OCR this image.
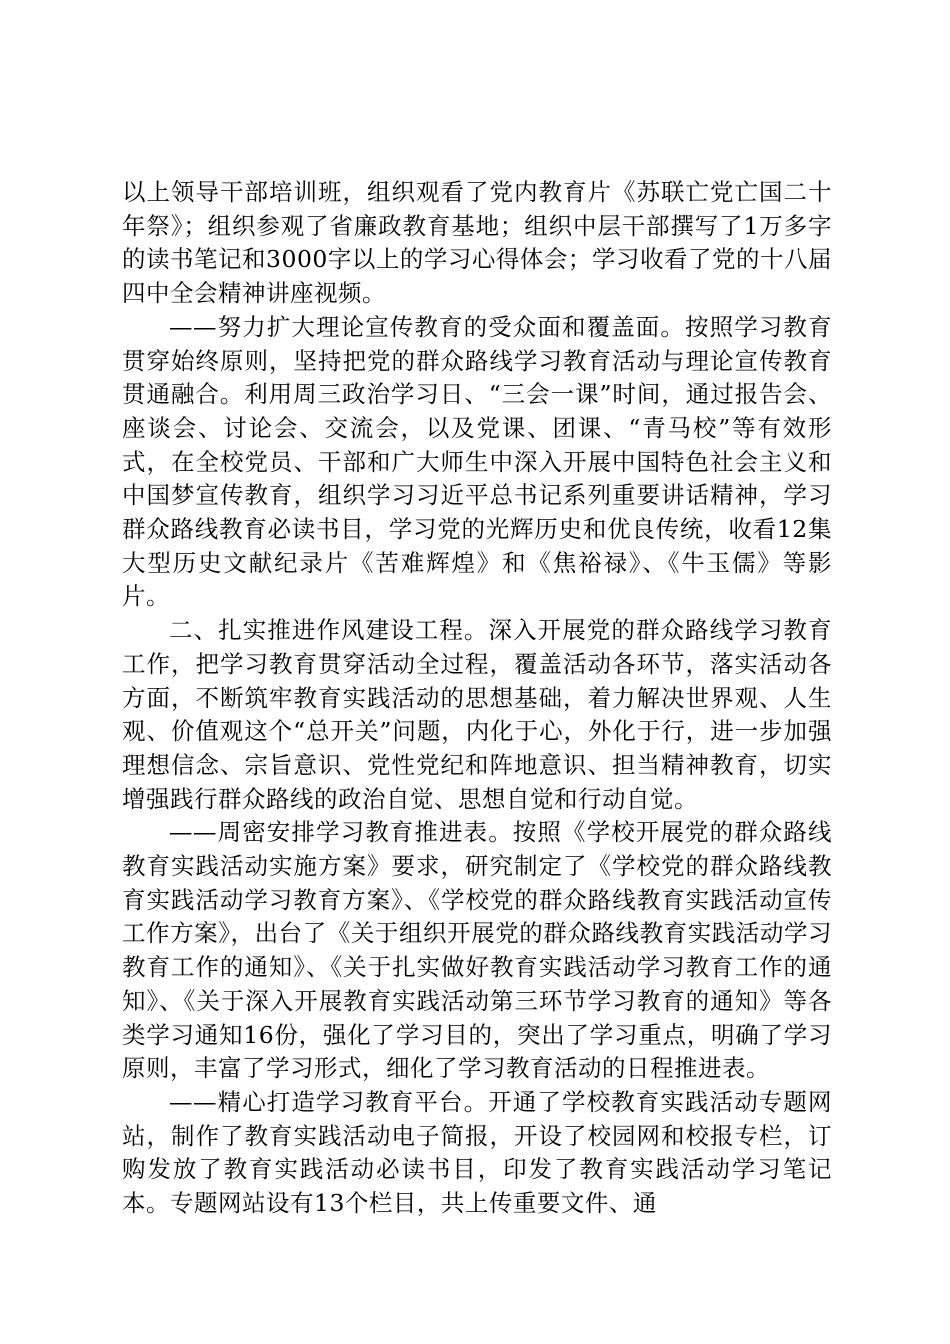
以上领导干部培训班，组织观看了党内教育片《苏联亡党亡国二十年祭》；组织参观了省廉政教育基地；组织中层干部撰写了1万多字的读书笔记和3000字以上的学习心得体会；学习收看了党的十八届四中全会精神讲座视频。

——努力扩大理论宣传教育的受众面和覆盖面。按照学习教育贯穿始终原则，坚持把党的群众路线学习教育活动与理论宣传教育贯通融合。利用周三政治学习日、“三会一课”时间，通过报告会、座谈会、讨论会、交流会，以及党课、团课、“青马校”等有效形式，在全校党员、干部和广大师生中深入开展中国特色社会主义和中国梦宣传教育，组织学习习近平总书记系列重要讲话精神，学习群众路线教育必读书目，学习党的光辉历史和优良传统，收看12集大型历史文献纪录片《苦难辉煌》和《焦裕禄》、《牛玉儒》等影片。

二、扎实推进作风建设工程。深入开展党的群众路线学习教育工作，把学习教育贯穿活动全过程，覆盖活动各环节，落实活动各方面，不断筑牢教育实践活动的思想基础，着力解决世界观、人生观、价值观这个“总开关”问题，内化于心，外化于行，进一步加强理想信念、宗旨意识、党性党纪和阵地意识、担当精神教育，切实增强践行群众路线的政治自觉、思想自觉和行动自觉。

——周密安排学习教育推进表。按照《学校开展党的群众路线教育实践活动实施方案》要求，研究制定了《学校党的群众路线教育实践活动学习教育方案》、《学校党的群众路线教育实践活动宣传工作方案》，出台了《关于组织开展党的群众路线教育实践活动学习教育工作的通知》、《关于扎实做好教育实践活动学习教育工作的通知》、《关于深入开展教育实践活动第三环节学习教育的通知》等各类学习通知16份，强化了学习目的，突出了学习重点，明确了学习原则，丰富了学习形式，细化了学习教育活动的日程推进表。

——精心打造学习教育平台。开通了学校教育实践活动专题网站，制作了教育实践活动电子简报，开设了校园网和校报专栏，订购发放了教育实践活动必读书目，印发了教育实践活动学习笔记本。专题网站设有13个栏目，共上传重要文件、通
